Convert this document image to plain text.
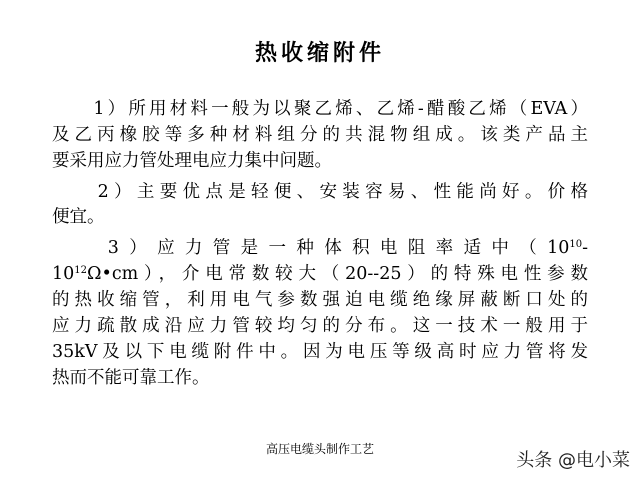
热收缩附件
　　1）所用材料一般为以聚乙烯、乙烯-醋酸乙烯（EVA）
及乙丙橡胶等多种材料组分的共混物组成。该类产品主
要采用应力管处理电应力集中问题。
　　2）主要优点是轻便、安装容易、性能尚好。价格
便宜。
　　3）应力管是一种体积电阻率适中（$10^{10}-$
$10^{12}\Omega•cm$），介电常数较大（20--25）的特殊电性参数
的热收缩管，利用电气参数强迫电缆绝缘屏蔽断口处的
应力疏散成沿应力管较均匀的分布。这一技术一般用于
35kV及以下电缆附件中。因为电压等级高时应力管将发
热而不能可靠工作。
高压电缆头制作工艺
头条 @电小菜
